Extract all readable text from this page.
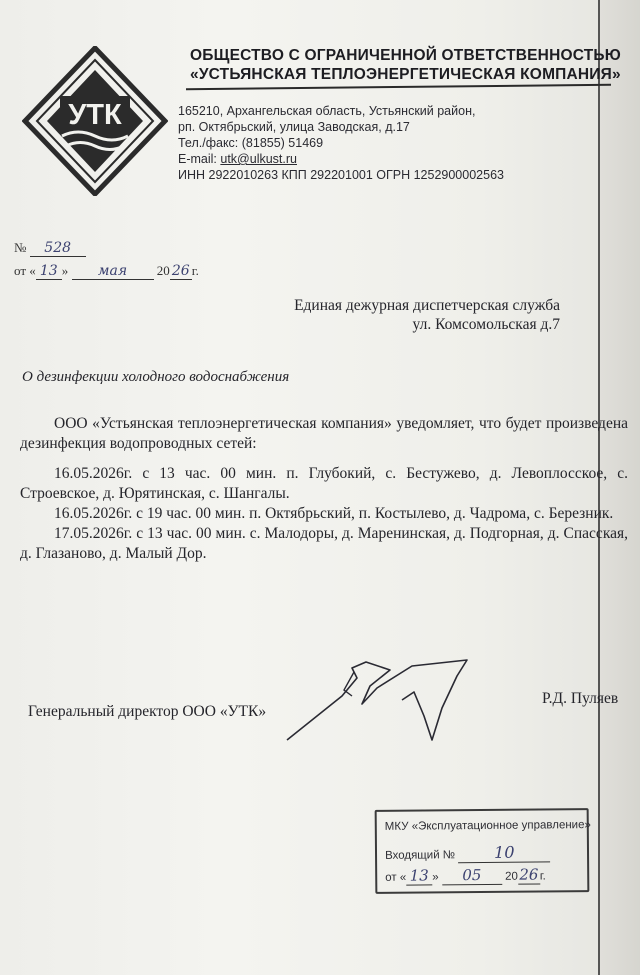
УТК
ОБЩЕСТВО С ОГРАНИЧЕННОЙ ОТВЕТСТВЕННОСТЬЮ
«УСТЬЯНСКАЯ ТЕПЛОЭНЕРГЕТИЧЕСКАЯ КОМПАНИЯ»
165210, Архангельская область, Устьянский район,
рп. Октябрьский, улица Заводская, д.17
Тел./факс: (81855) 51469
E-mail: utk@ulkust.ru
ИНН 2922010263 КПП 292201001 ОГРН 1252900002563
№ 528
от « 13 » мая 20 26 г.
Единая дежурная диспетчерская служба
ул. Комсомольская д.7
О дезинфекции холодного водоснабжения

ООО «Устьянская теплоэнергетическая компания» уведомляет, что будет произведена дезинфекция водопроводных сетей:

16.05.2026г. с 13 час. 00 мин. п. Глубокий, с. Бестужево, д. Левоплосское, с. Строевское, д. Юрятинская, с. Шангалы.

16.05.2026г. с 19 час. 00 мин. п. Октябрьский, п. Костылево, д. Чадрома, с. Березник.

17.05.2026г. с 13 час. 00 мин. с. Малодоры, д. Маренинская, д. Подгорная, д. Спасская, д. Глазаново, д. Малый Дор.

Генеральный директор ООО «УТК»
Р.Д. Пуляев
МКУ «Эксплуатационное управление»
Входящий № 10
от « 13 » 05 2026г.
